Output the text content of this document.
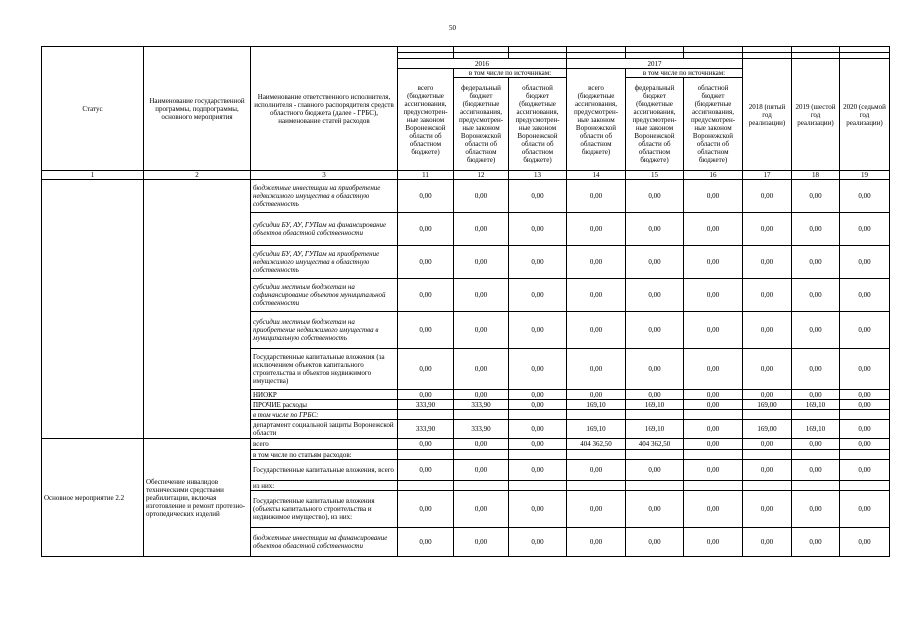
50
Статус	Наименование государственной программы, подпрограммы, основного мероприятия	Наименование ответственного исполнителя, исполнителя - главного распорядителя средств областного бюджета (далее - ГРБС), наименование статей расходов									

			2016			2017			2018 (пятый год реализации)	2019 (шестой год реализации)	2020 (седьмой год реализации)
			всего (бюджетные ассигнования, предусмотрен-ные законом Воронежской области об областном бюджете)	в том числе по источникам:		всего (бюджетные ассигнования, предусмотрен-ные законом Воронежской области об областном бюджете)	в том числе по источникам:				
				федеральный бюджет (бюджетные ассигнования, предусмотрен-ные законом Воронежской области об областном бюджете)	областной бюджет (бюджетные ассигнования, предусмотрен-ные законом Воронежской области об областном бюджете)		федеральный бюджет (бюджетные ассигнования, предусмотрен-ные законом Воронежской области об областном бюджете)	областной бюджет (бюджетные ассигнования, предусмотрен-ные законом Воронежской области об областном бюджете)			
1	2	3	11	12	13	14	15	16	17	18	19
		бюджетные инвестиции на приобретение недвижимого имущества в областную собственность	0,00	0,00	0,00	0,00	0,00	0,00	0,00	0,00	0,00
		субсидии БУ, АУ, ГУПам на финансирование объектов областной собственности	0,00	0,00	0,00	0,00	0,00	0,00	0,00	0,00	0,00
		субсидии БУ, АУ, ГУПам на приобретение недвижимого имущества в областную собственность	0,00	0,00	0,00	0,00	0,00	0,00	0,00	0,00	0,00
		субсидии местным бюджетам на софинансирование объектов муниципальной собственности	0,00	0,00	0,00	0,00	0,00	0,00	0,00	0,00	0,00
		субсидии местным бюджетам на приобретение недвижимого имущества в муниципальную собственность	0,00	0,00	0,00	0,00	0,00	0,00	0,00	0,00	0,00
		Государственные капитальные вложения (за исключением объектов капитального строительства и объектов недвижимого имущества)	0,00	0,00	0,00	0,00	0,00	0,00	0,00	0,00	0,00
		НИОКР	0,00	0,00	0,00	0,00	0,00	0,00	0,00	0,00	0,00
		ПРОЧИЕ расходы	333,90	333,90	0,00	169,10	169,10	0,00	169,00	169,10	0,00
		в том числе по ГРБС:									
		департамент социальной защиты Воронежской области	333,90	333,90	0,00	169,10	169,10	0,00	169,00	169,10	0,00
Основное мероприятие 2.2	Обеспечение инвалидов техническими средствами реабилитации, включая изготовление и ремонт протезно-ортопедических изделий	всего	0,00	0,00	0,00	404 362,50	404 362,50	0,00	0,00	0,00	0,00
		в том числе по статьям расходов:									
		Государственные капитальные вложения, всего	0,00	0,00	0,00	0,00	0,00	0,00	0,00	0,00	0,00
		из них:									
		Государственные капитальные вложения (объекты капитального строительства и недвижимое имущество), из них:	0,00	0,00	0,00	0,00	0,00	0,00	0,00	0,00	0,00
		бюджетные инвестиции на финансирование объектов областной собственности	0,00	0,00	0,00	0,00	0,00	0,00	0,00	0,00	0,00
